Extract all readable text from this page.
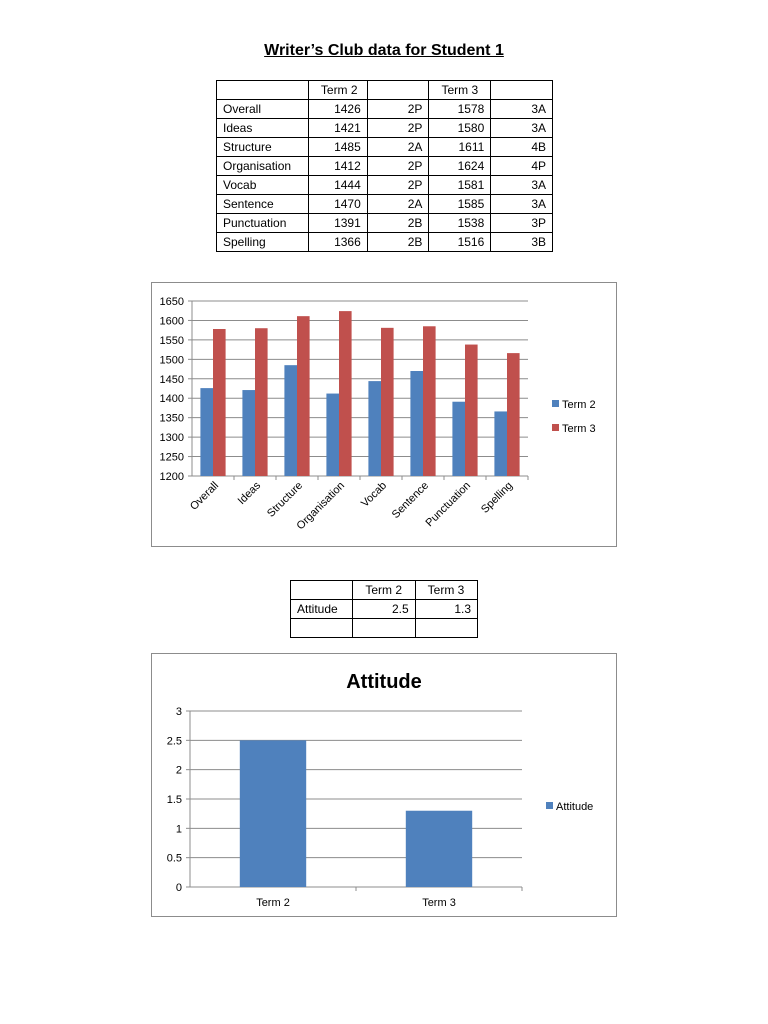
Writer’s Club data for Student 1
	Term 2		Term 3	
Overall	1426	2P	1578	3A
Ideas	1421	2P	1580	3A
Structure	1485	2A	1611	4B
Organisation	1412	2P	1624	4P
Vocab	1444	2P	1581	3A
Sentence	1470	2A	1585	3A
Punctuation	1391	2B	1538	3P
Spelling	1366	2B	1516	3B
1200
1250
1300
1350
1400
1450
1500
1550
1600
1650
Overall Ideas Structure
Organisation Vocab Sentence
Punctuation Spelling
Term 2
Term 3
	Term 2	Term 3
Attitude	2.5	1.3

Attitude
0
0.5
1
1.5
2
2.5
3
Term 2	Term 3
Attitude
